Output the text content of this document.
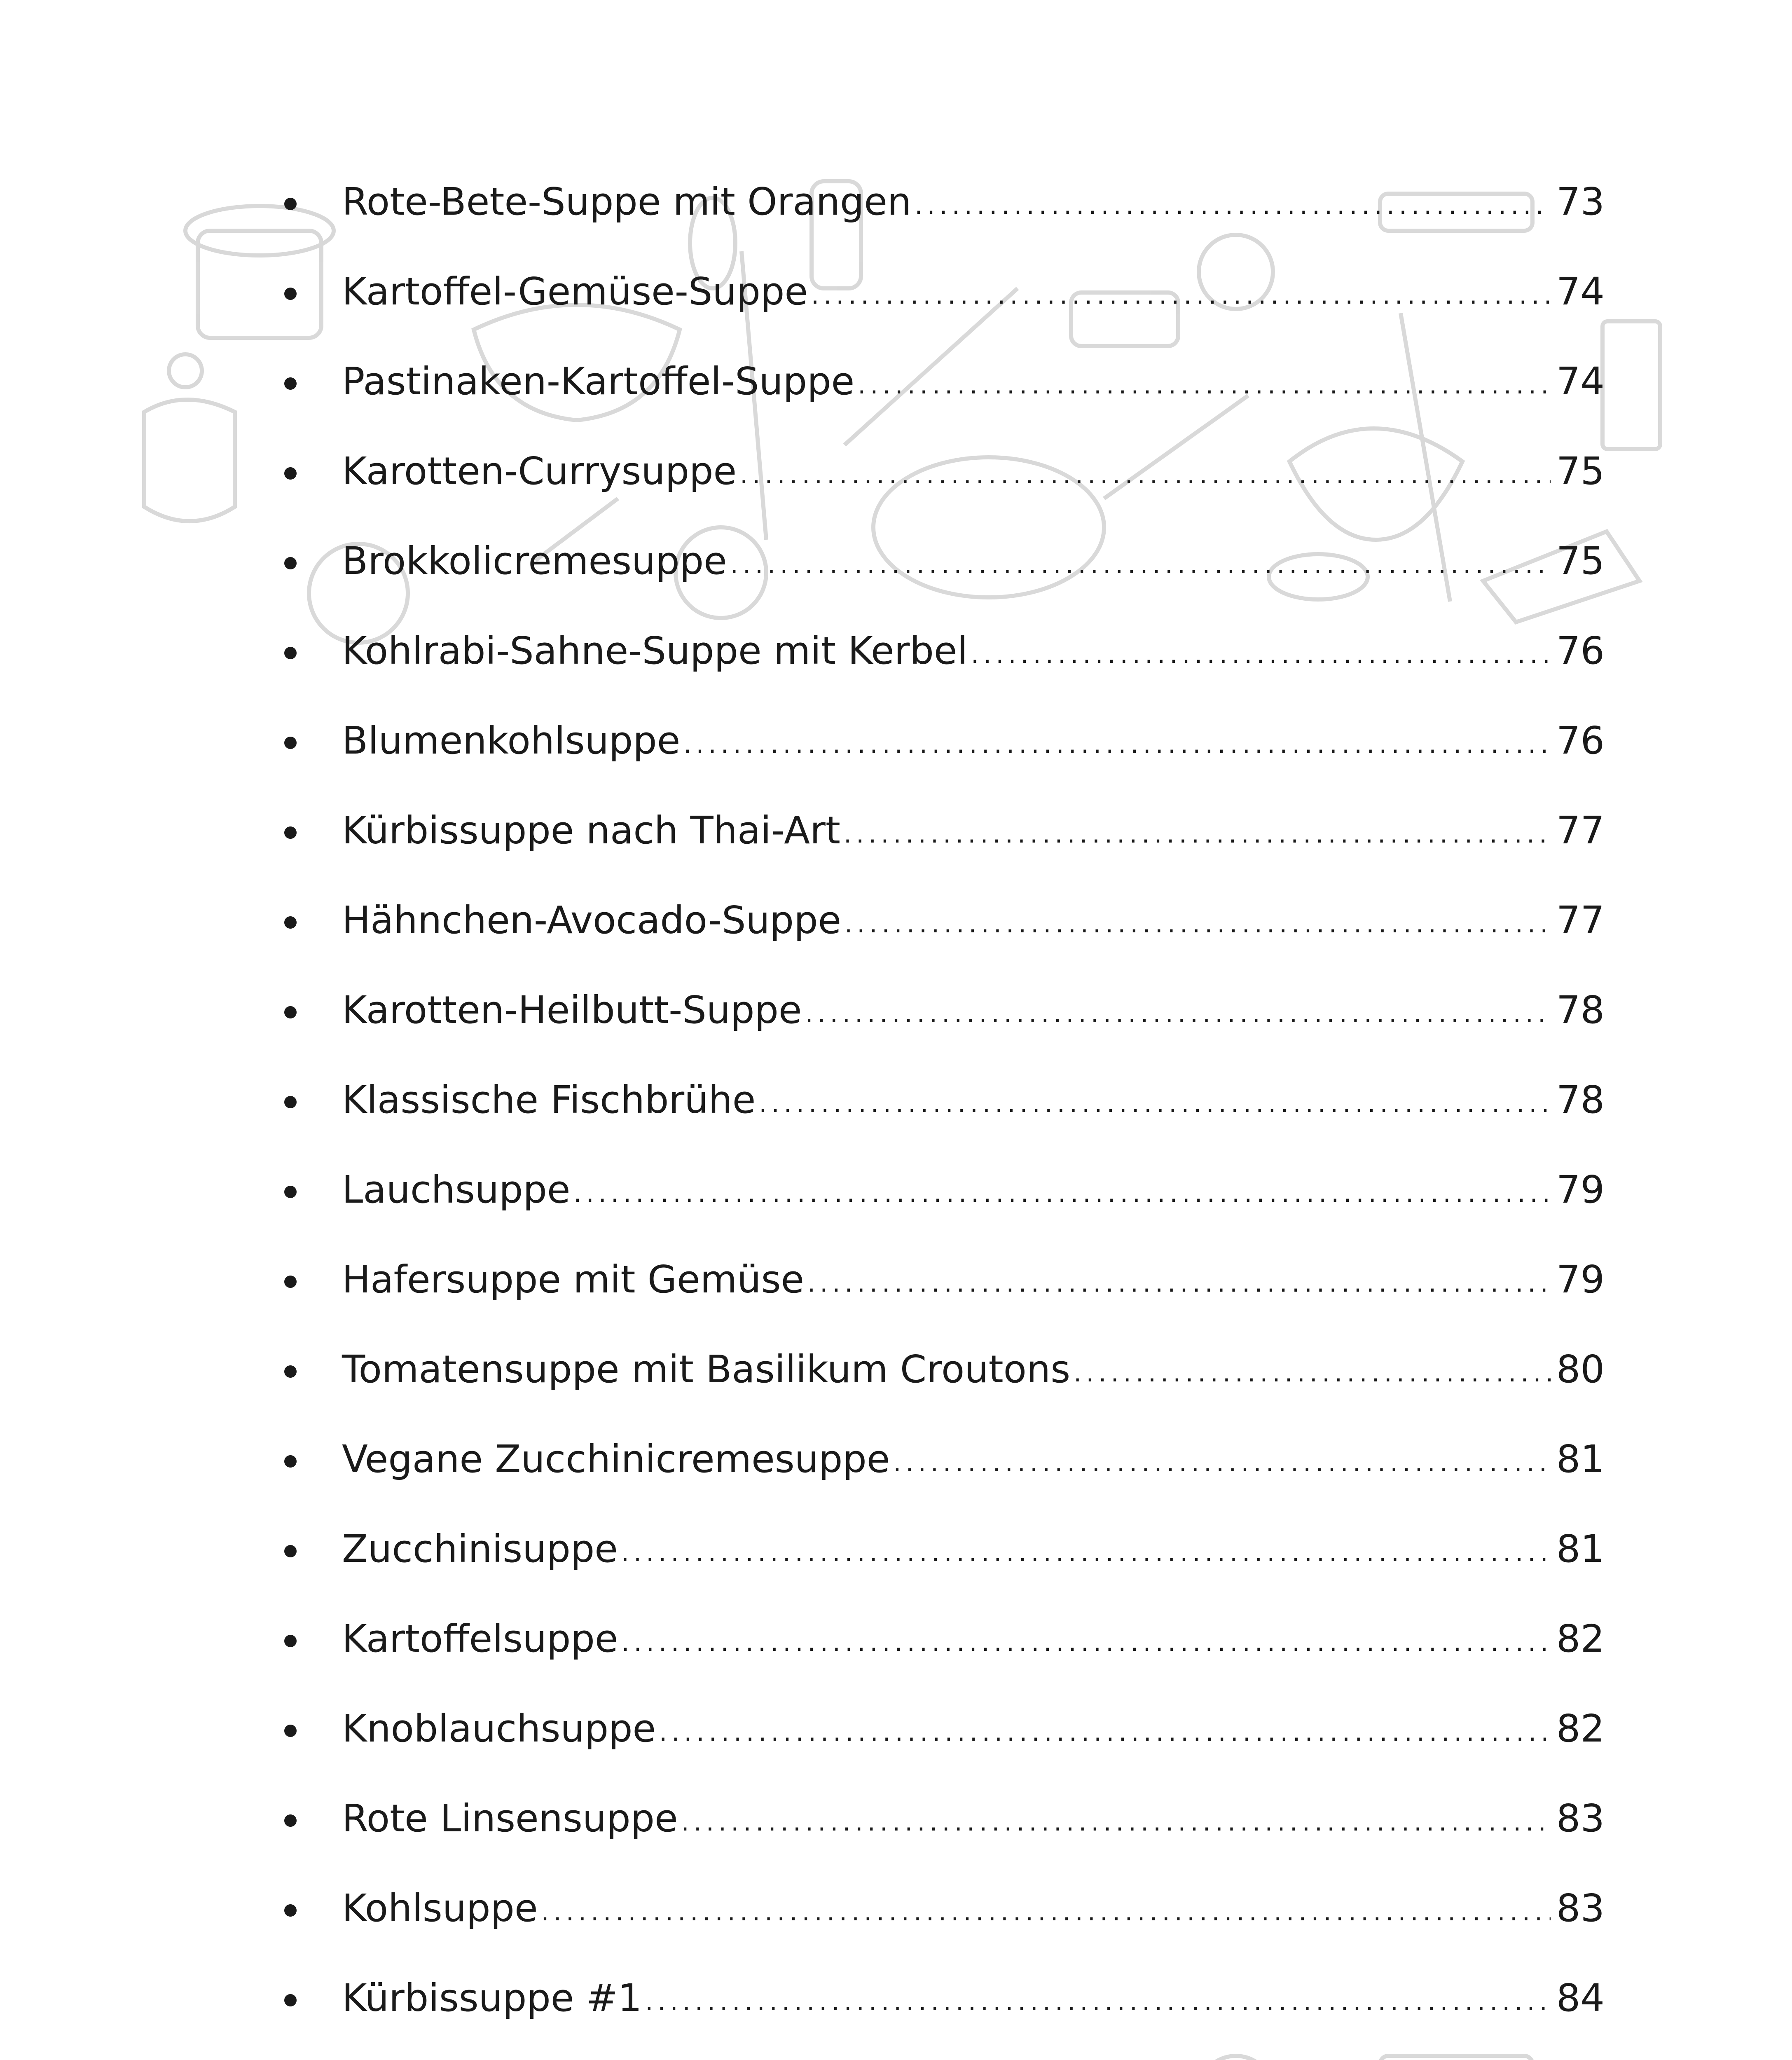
Rote-Bete-Suppe mit Orangen . . .	73
Kartoffel-Gemüse-Suppe . . .	74
Pastinaken-Kartoffel-Suppe . . .	74
Karotten-Currysuppe . . .	75
Brokkolicremesuppe . . .	75
Kohlrabi-Sahne-Suppe mit Kerbel . . .	76
Blumenkohlsuppe . . .	76
Kürbissuppe nach Thai-Art . . .	77
Hähnchen-Avocado-Suppe . . .	77
Karotten-Heilbutt-Suppe . . .	78
Klassische Fischbrühe . . .	78
Lauchsuppe . . .	79
Hafersuppe mit Gemüse . . .	79
Tomatensuppe mit Basilikum Croutons . . .	80
Vegane Zucchinicremesuppe . . .	81
Zucchinisuppe . . .	81
Kartoffelsuppe . . .	82
Knoblauchsuppe . . .	82
Rote Linsensuppe . . .	83
Kohlsuppe . . .	83
Kürbissuppe #1 . . .	84
. . .
